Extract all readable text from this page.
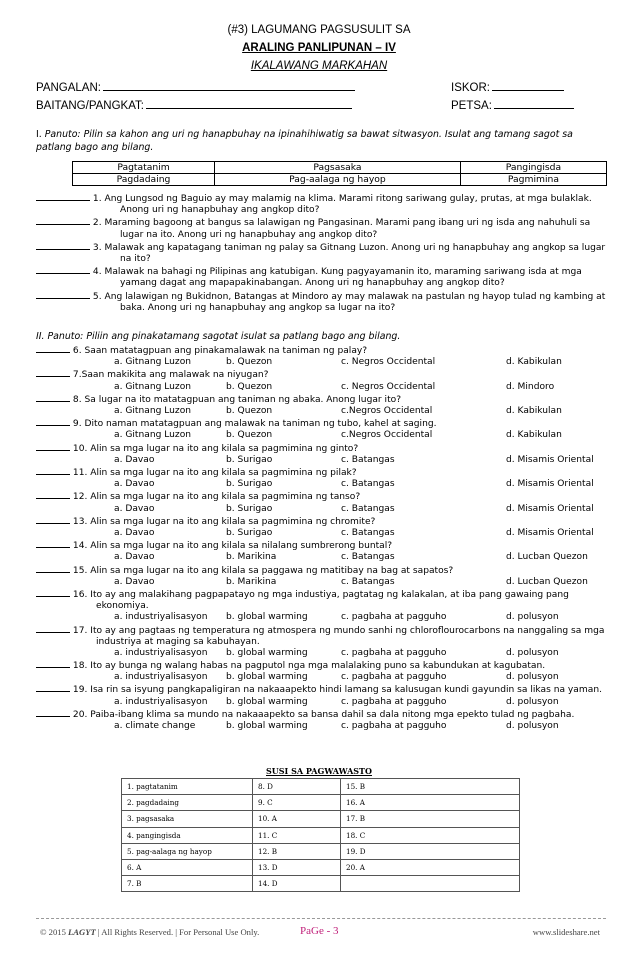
(#3) LAGUMANG PAGSUSULIT SA
ARALING PANLIPUNAN – IV
IKALAWANG MARKAHAN
PANGALAN:	ISKOR:
BAITANG/PANGKAT:	PETSA:
I. Panuto: Pilin sa kahon ang uri ng hanapbuhay na ipinahihiwatig sa bawat sitwasyon. Isulat ang tamang sagot sa patlang bago ang bilang.
Pagtatanim	Pagsasaka	Pangingisda
Pagdadaing	Pag-aalaga ng hayop	Pagmimina
1. Ang Lungsod ng Baguio ay may malamig na klima. Marami ritong sariwang gulay, prutas, at mga bulaklak.
Anong uri ng hanapbuhay ang angkop dito?
2. Maraming bagoong at bangus sa lalawigan ng Pangasinan. Marami pang ibang uri ng isda ang nahuhuli sa
lugar na ito. Anong uri ng hanapbuhay ang angkop dito?
3. Malawak ang kapatagang taniman ng palay sa Gitnang Luzon. Anong uri ng hanapbuhay ang angkop sa lugar
na ito?
4. Malawak na bahagi ng Pilipinas ang katubigan. Kung pagyayamanin ito, maraming sariwang isda at mga
yamang dagat ang mapapakinabangan. Anong uri ng hanapbuhay ang angkop dito?
5. Ang lalawigan ng Bukidnon, Batangas at Mindoro ay may malawak na pastulan ng hayop tulad ng kambing at
baka. Anong uri ng hanapbuhay ang angkop sa lugar na ito?
II. Panuto: Piliin ang pinakatamang sagotat isulat sa patlang bago ang bilang.
6. Saan matatagpuan ang pinakamalawak na taniman ng palay?
a. Gitnang Luzon	b. Quezon	c. Negros Occidental	d. Kabikulan
7.Saan makikita ang malawak na niyugan?
a. Gitnang Luzon	b. Quezon	c. Negros Occidental	d. Mindoro
8. Sa lugar na ito matatagpuan ang taniman ng abaka. Anong lugar ito?
a. Gitnang Luzon	b. Quezon	c.Negros Occidental	d. Kabikulan
9. Dito naman matatagpuan ang malawak na taniman ng tubo, kahel at saging.
a. Gitnang Luzon	b. Quezon	c.Negros Occidental	d. Kabikulan
10. Alin sa mga lugar na ito ang kilala sa pagmimina ng ginto?
a. Davao	b. Surigao	c. Batangas	d. Misamis Oriental
11. Alin sa mga lugar na ito ang kilala sa pagmimina ng pilak?
a. Davao	b. Surigao	c. Batangas	d. Misamis Oriental
12. Alin sa mga lugar na ito ang kilala sa pagmimina ng tanso?
a. Davao	b. Surigao	c. Batangas	d. Misamis Oriental
13. Alin sa mga lugar na ito ang kilala sa pagmimina ng chromite?
a. Davao	b. Surigao	c. Batangas	d. Misamis Oriental
14. Alin sa mga lugar na ito ang kilala sa nilalang sumbrerong buntal?
a. Davao	b. Marikina	c. Batangas	d. Lucban Quezon
15. Alin sa mga lugar na ito ang kilala sa paggawa ng matitibay na bag at sapatos?
a. Davao	b. Marikina	c. Batangas	d. Lucban Quezon
16. Ito ay ang malakihang pagpapatayo ng mga industiya, pagtatag ng kalakalan, at iba pang gawaing pang
ekonomiya.
a. industriyalisasyon b. global warming	c. pagbaha at pagguho	d. polusyon
17. Ito ay ang pagtaas ng temperatura ng atmospera ng mundo sanhi ng chloroflourocarbons na nanggaling sa mga
industriya at maging sa kabuhayan.
a. industriyalisasyon b. global warming	c. pagbaha at pagguho	d. polusyon
18. Ito ay bunga ng walang habas na pagputol nga mga malalaking puno sa kabundukan at kagubatan.
a. industriyalisasyon b. global warming	c. pagbaha at pagguho	d. polusyon
19. Isa rin sa isyung pangkapaligiran na nakaaapekto hindi lamang sa kalusugan kundi gayundin sa likas na yaman.
a. industriyalisasyon b. global warming	c. pagbaha at pagguho	d. polusyon
20. Paiba-ibang klima sa mundo na nakaaapekto sa bansa dahil sa dala nitong mga epekto tulad ng pagbaha.
a. climate change	b. global warming	c. pagbaha at pagguho	d. polusyon
SUSI SA PAGWAWASTO
1. pagtatanim	8. D	15. B
2. pagdadaing	9. C	16. A
3. pagsasaka	10. A	17. B
4. pangingisda	11. C	18. C
5. pag-aalaga ng hayop	12. B	19. D
6. A	13. D	20. A
7. B	14. D	
© 2015 LAGYT | All Rights Reserved. | For Personal Use Only.	PaGe - 3	www.slideshare.net
